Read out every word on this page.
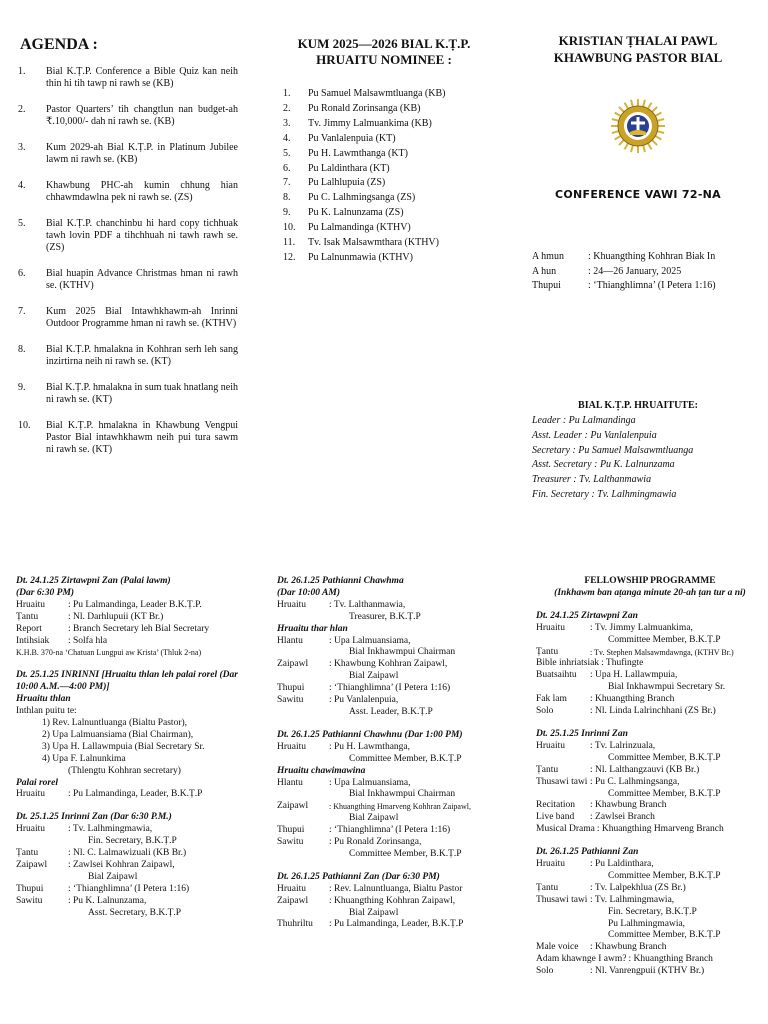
AGENDA :
1.	Bial K.Ṭ.P. Conference a Bible Quiz kan neih thin hi tih tawp ni rawh se (KB)
2.	Pastor Quarters’ tih changtlun nan budget-ah ₹.10,000/- dah ni rawh se. (KB)
3.	Kum 2029-ah Bial K.Ṭ.P. in Platinum Jubilee lawm ni rawh se. (KB)
4.	Khawbung PHC-ah kumin chhung hian chhawmdawlna pek ni rawh se. (ZS)
5.	Bial K.Ṭ.P. chanchinbu hi hard copy tichhuak tawh lovin PDF a tihchhuah ni tawh rawh se. (ZS)
6.	Bial huapin Advance Christmas hman ni rawh se. (KTHV)
7.	Kum 2025 Bial Intawhkhawm-ah Inrinni Outdoor Programme hman ni rawh se. (KTHV)
8.	Bial K.Ṭ.P. hmalakna in Kohhran serh leh sang inzirtirna neih ni rawh se. (KT)
9.	Bial K.Ṭ.P. hmalakna in sum tuak hnatlang neih ni rawh se. (KT)
10.	Bial K.Ṭ.P. hmalakna in Khawbung Vengpui Pastor Bial intawhkhawm neih pui tura sawm ni rawh se. (KT)
KUM 2025—2026 BIAL K.Ṭ.P.
HRUAITU NOMINEE :
1.	Pu Samuel Malsawmtluanga (KB)
2.	Pu Ronald Zorinsanga (KB)
3.	Tv. Jimmy Lalmuankima (KB)
4.	Pu Vanlalenpuia (KT)
5.	Pu H. Lawmthanga (KT)
6.	Pu Laldinthara (KT)
7.	Pu Lalhlupuia (ZS)
8.	Pu C. Lalhmingsanga (ZS)
9.	Pu K. Lalnunzama (ZS)
10.	Pu Lalmandinga (KTHV)
11.	Tv. Isak Malsawmthara (KTHV)
12.	Pu Lalnunmawia (KTHV)
KRISTIAN ṬHALAI PAWL
KHAWBUNG PASTOR BIAL
CONFERENCE VAWI 72-NA
A hmun	: Khuangthing Kohhran Biak In
A hun	: 24—26 January, 2025
Thupui	: ‘Thianghlimna’ (I Petera 1:16)
BIAL K.Ṭ.P. HRUAITUTE:
Leader : Pu Lalmandinga
Asst. Leader : Pu Vanlalenpuia
Secretary : Pu Samuel Malsawmtluanga
Asst. Secretary : Pu K. Lalnunzama
Treasurer : Tv. Lalthanmawia
Fin. Secretary : Tv. Lalhmingmawia
Dt. 24.1.25 Zirtawpni Zan (Palai lawm)
(Dar 6:30 PM)
Hruaitu	: Pu Lalmandinga, Leader B.K.Ṭ.P.
Ṭantu	: Nl. Darhlupuii (KT Br.)
Report	: Branch Secretary leh Bial Secretary
Intihsiak	: Solfa hla
K.H.B. 370-na ‘Chatuan Lungpui aw Krista’ (Thluk 2-na)
Dt. 25.1.25 INRINNI [Hruaitu thlan leh palai rorel (Dar 10:00 A.M.—4:00 PM)]
Hruaitu thlan
Inthlan puitu te:
1) Rev. Lalnuntluanga (Bialtu Pastor),
2) Upa Lalmuansiama (Bial Chairman),
3) Upa H. Lallawmpuia (Bial Secretary Sr.
4) Upa F. Lalnunkima
(Thlengtu Kohhran secretary)
Palai rorel
Hruaitu	: Pu Lalmandinga, Leader, B.K.Ṭ.P
Dt. 25.1.25 Inrinni Zan (Dar 6:30 P.M.)
Hruaitu	: Tv. Lalhmingmawia,
Fin. Secretary, B.K.Ṭ.P
Ṭantu	: Nl. C. Lalmawizuali (KB Br.)
Zaipawl	: Zawlsei Kohhran Zaipawl,
Bial Zaipawl
Thupui	: ‘Thianghlimna’ (I Petera 1:16)
Sawitu	: Pu K. Lalnunzama,
Asst. Secretary, B.K.Ṭ.P
Dt. 26.1.25 Pathianni Chawhma
(Dar 10:00 AM)
Hruaitu	: Tv. Lalthanmawia,
Treasurer, B.K.Ṭ.P
Hruaitu thar hlan
Hlantu	: Upa Lalmuansiama,
Bial Inkhawmpui Chairman
Zaipawl	: Khawbung Kohhran Zaipawl,
Bial Zaipawl
Thupui	: ‘Thianghlimna’ (I Petera 1:16)
Sawitu	: Pu Vanlalenpuia,
Asst. Leader, B.K.Ṭ.P
Dt. 26.1.25 Pathianni Chawhnu (Dar 1:00 PM)
Hruaitu	: Pu H. Lawmthanga,
Committee Member, B.K.Ṭ.P
Hruaitu chawimawina
Hlantu	: Upa Lalmuansiama,
Bial Inkhawmpui Chairman
Zaipawl	: Khuangthing Hmarveng Kohhran Zaipawl,
Bial Zaipawl
Thupui	: ‘Thianghlimna’ (I Petera 1:16)
Sawitu	: Pu Ronald Zorinsanga,
Committee Member, B.K.Ṭ.P
Dt. 26.1.25 Pathianni Zan (Dar 6:30 PM)
Hruaitu	: Rev. Lalnuntluanga, Bialtu Pastor
Zaipawl	: Khuangthing Kohhran Zaipawl,
Bial Zaipawl
Thuhriltu	: Pu Lalmandinga, Leader, B.K.Ṭ.P
FELLOWSHIP PROGRAMME
(Inkhawm ban aṭanga minute 20-ah ṭan tur a ni)
Dt. 24.1.25 Zirtawpni Zan
Hruaitu	: Tv. Jimmy Lalmuankima,
Committee Member, B.K.Ṭ.P
Ṭantu	: Tv. Stephen Malsawmdawnga, (KTHV Br.)
Bible inhriatsiak : Thufingte
Buatsaihtu	: Upa H. Lallawmpuia,
Bial Inkhawmpui Secretary Sr.
Fak lam	: Khuangthing Branch
Solo	: Nl. Linda Lalrinchhani (ZS Br.)
Dt. 25.1.25 Inrinni Zan
Hruaitu	: Tv. Lalrinzuala,
Committee Member, B.K.Ṭ.P
Ṭantu	: Nl. Lalthangzauvi (KB Br.)
Thusawi tawi : Pu C. Lalhmingsanga,
Committee Member, B.K.Ṭ.P
Recitation	: Khawbung Branch
Live band	: Zawlsei Branch
Musical Drama : Khuangthing Hmarveng Branch
Dt. 26.1.25 Pathianni Zan
Hruaitu	: Pu Laldinthara,
Committee Member, B.K.Ṭ.P
Ṭantu	: Tv. Lalpekhlua (ZS Br.)
Thusawi tawi : Tv. Lalhmingmawia,
Fin. Secretary, B.K.Ṭ.P
Pu Lalhmingmawia,
Committee Member, B.K.Ṭ.P
Male voice	: Khawbung Branch
Adam khawnge I awm? : Khuangthing Branch
Solo	: Nl. Vanrengpuii (KTHV Br.)
